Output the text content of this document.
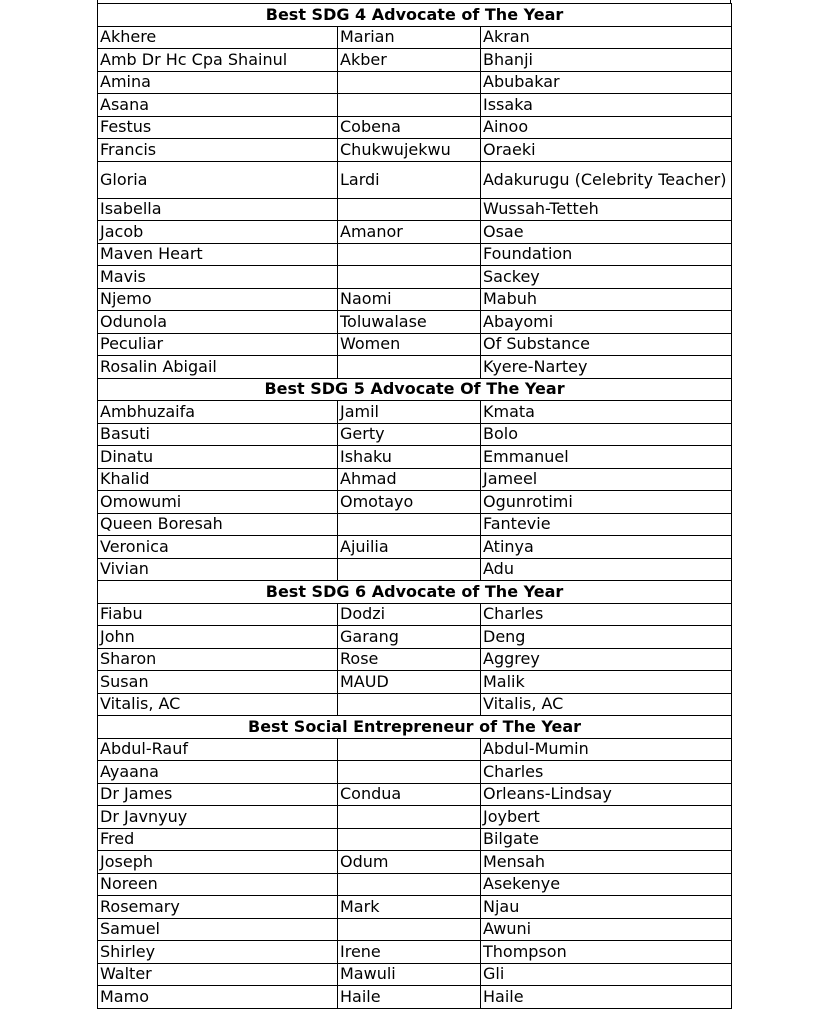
Best SDG 4 Advocate of The Year		
Akhere	Marian	Akran
Amb Dr Hc Cpa Shainul	Akber	Bhanji
Amina		Abubakar
Asana		Issaka
Festus	Cobena	Ainoo
Francis	Chukwujekwu	Oraeki
Gloria	Lardi	Adakurugu (Celebrity Teacher)
Isabella		Wussah-Tetteh
Jacob	Amanor	Osae
Maven Heart		Foundation
Mavis		Sackey
Njemo	Naomi	Mabuh
Odunola	Toluwalase	Abayomi
Peculiar	Women	Of Substance
Rosalin Abigail		Kyere-Nartey
Best SDG 5 Advocate Of The Year		
Ambhuzaifa	Jamil	Kmata
Basuti	Gerty	Bolo
Dinatu	Ishaku	Emmanuel
Khalid	Ahmad	Jameel
Omowumi	Omotayo	Ogunrotimi
Queen Boresah		Fantevie
Veronica	Ajuilia	Atinya
Vivian		Adu
Best SDG 6 Advocate of The Year		
Fiabu	Dodzi	Charles
John	Garang	Deng
Sharon	Rose	Aggrey
Susan	MAUD	Malik
Vitalis, AC		Vitalis, AC
Best Social Entrepreneur of The Year		
Abdul-Rauf		Abdul-Mumin
Ayaana		Charles
Dr James	Condua	Orleans-Lindsay
Dr Javnyuy		Joybert
Fred		Bilgate
Joseph	Odum	Mensah
Noreen		Asekenye
Rosemary	Mark	Njau
Samuel		Awuni
Shirley	Irene	Thompson
Walter	Mawuli	Gli
Mamo	Haile	Haile
